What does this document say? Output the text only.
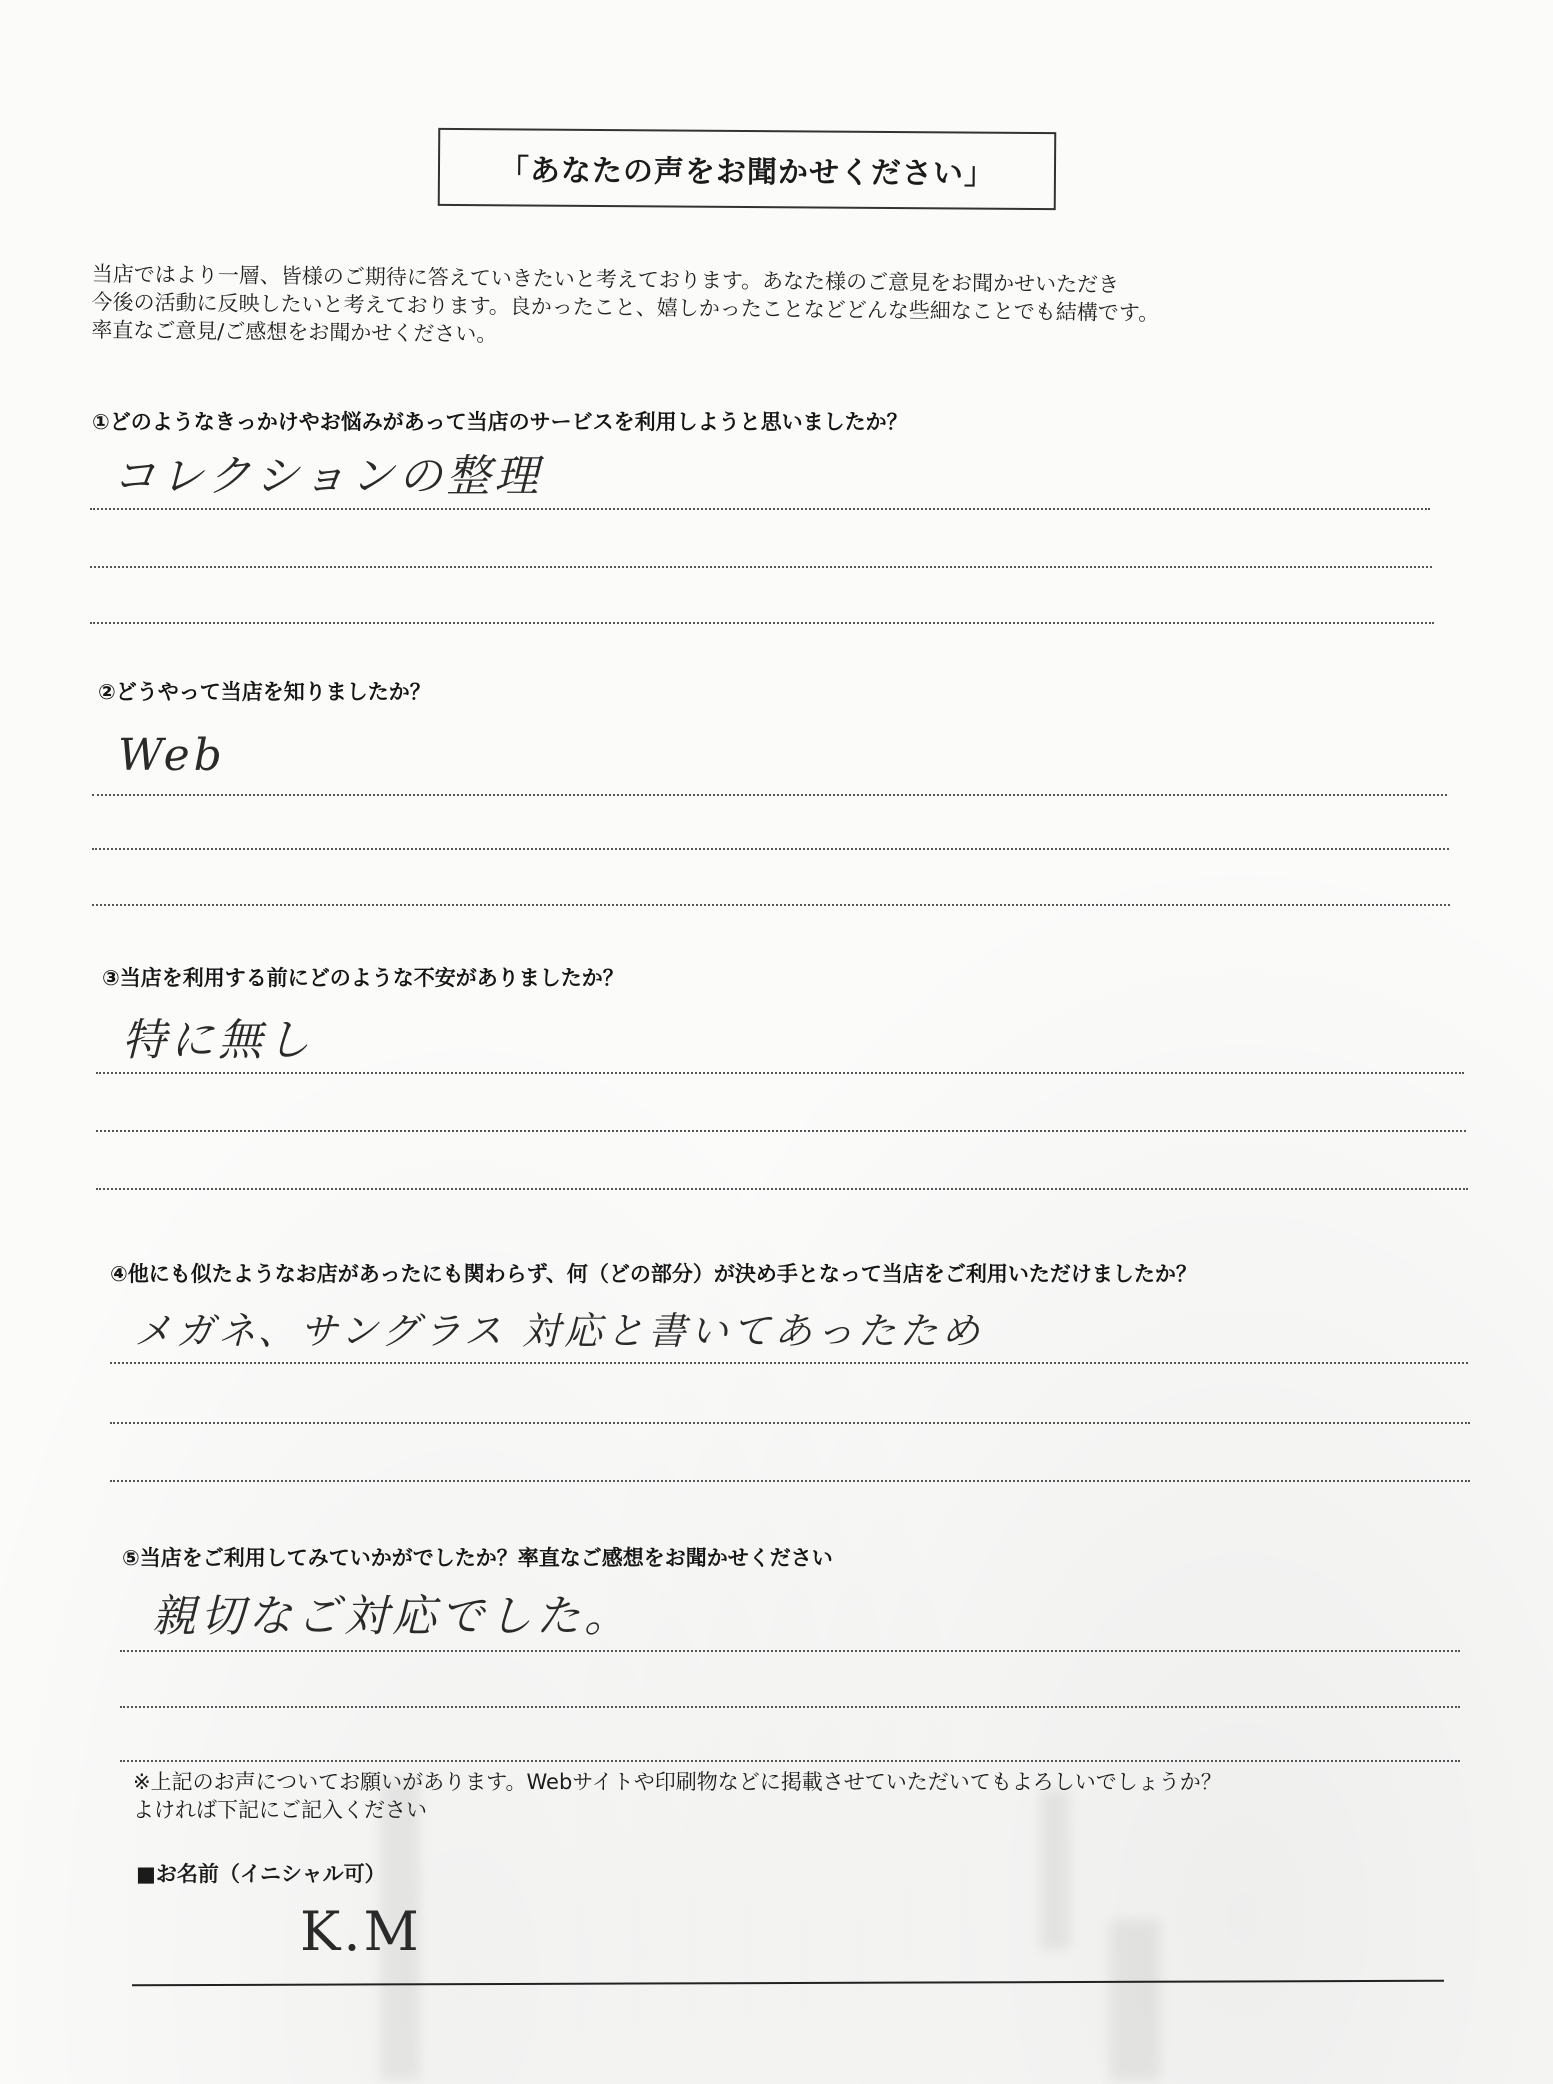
「あなたの声をお聞かせください」

当店ではより一層、皆様のご期待に答えていきたいと考えております。あなた様のご意見をお聞かせいただき

今後の活動に反映したいと考えております。良かったこと、嬉しかったことなどどんな些細なことでも結構です。

率直なご意見/ご感想をお聞かせください。

①どのようなきっかけやお悩みがあって当店のサービスを利用しようと思いましたか？
コレクションの整理
②どうやって当店を知りましたか？
Web
③当店を利用する前にどのような不安がありましたか？
特に無し
④他にも似たようなお店があったにも関わらず、何（どの部分）が決め手となって当店をご利用いただけましたか？
メガネ、サングラス 対応と書いてあったため
⑤当店をご利用してみていかがでしたか？率直なご感想をお聞かせください
親切なご対応でした。

※上記のお声についてお願いがあります。Webサイトや印刷物などに掲載させていただいてもよろしいでしょうか？

よければ下記にご記入ください

■お名前（イニシャル可）
K.M
